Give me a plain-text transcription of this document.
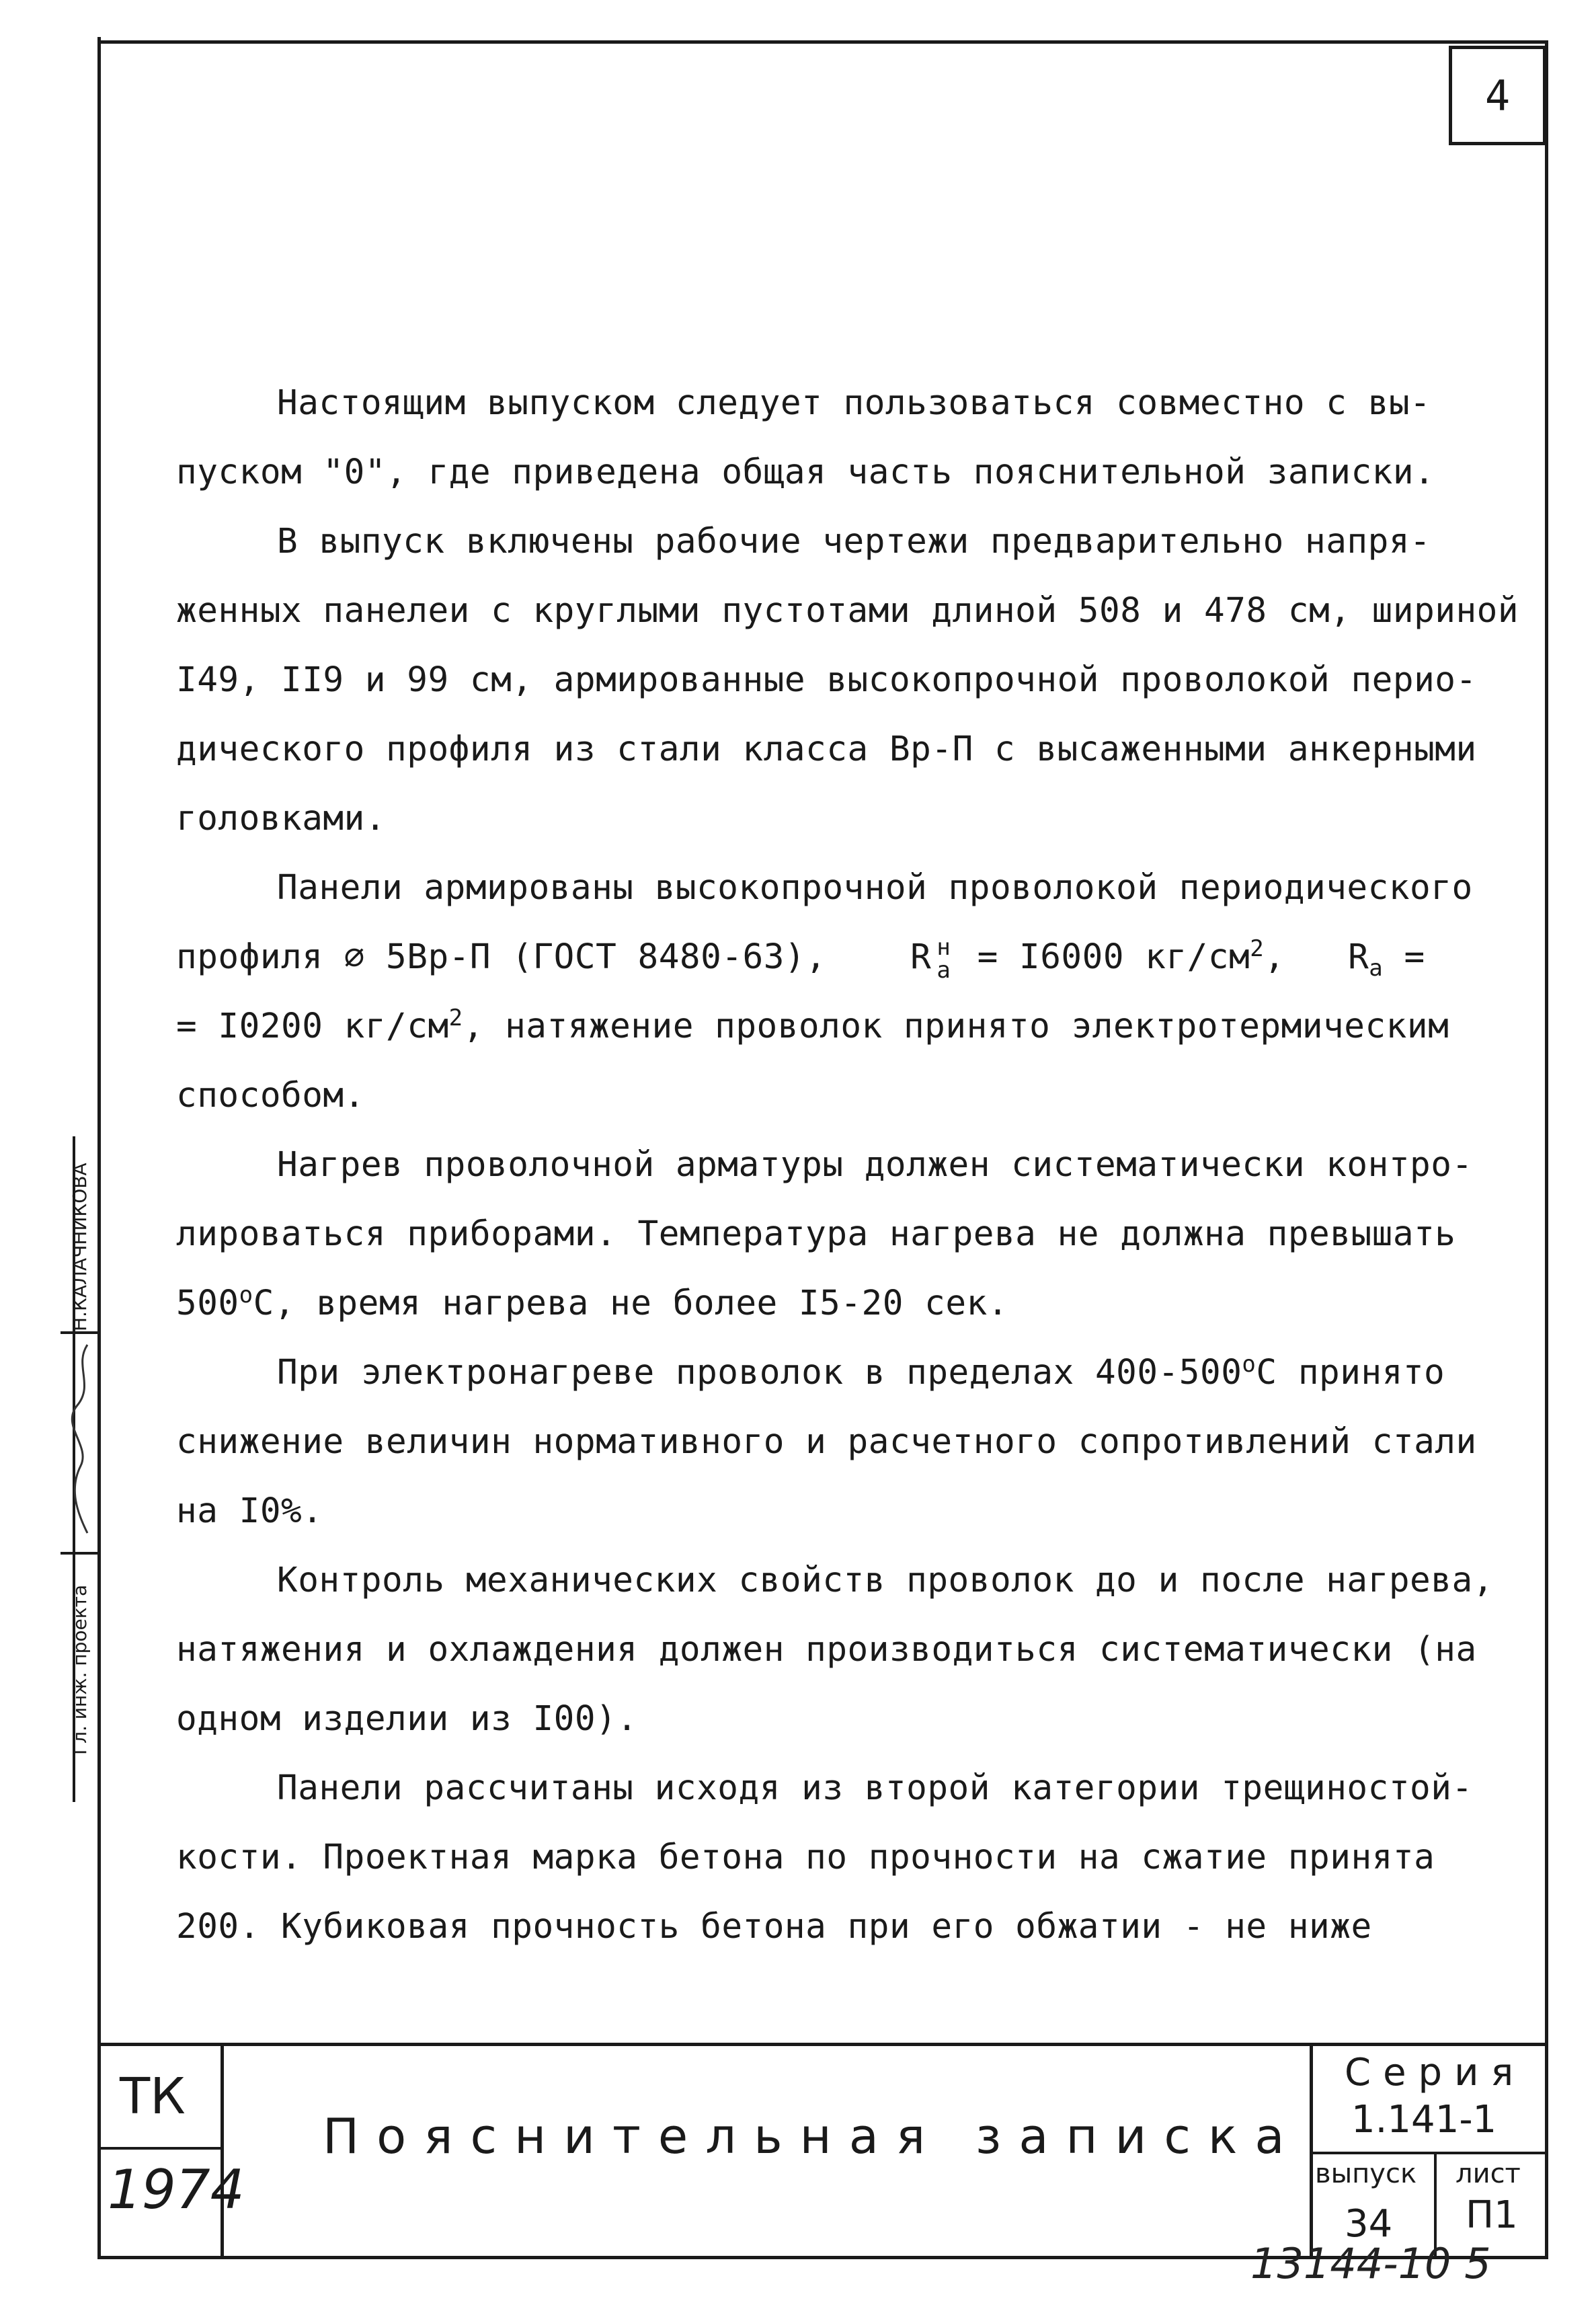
4

Настоящим выпуском следует пользоваться совместно с вы-пуском "0", где приведена общая часть пояснительной записки.

В выпуск включены рабочие чертежи предварительно напря-женных панелеи с круглыми пустотами длиной 508 и 478 см, шириной I49, II9 и 99 см, армированные высокопрочной проволокой перио-дического профиля из стали класса Вр-П с высаженными анкерными головками.

Панели армированы высокопрочной проволокой периодического

профиля ∅ 5Вр-П (ГОСТ 8480-63), R н
а = I6000 $кг/см^2$,   $R_а$ =

= I0200 $кг/см^2$, натяжение проволок принято электротермическим

способом.

Нагрев проволочной арматуры должен систематически контро-лироваться приборами. Температура нагрева не должна превышать $500^оС$, время нагрева не более I5-20 сек.

При электронагреве проволок в пределах $400-500^оС$ принято снижение величин нормативного и расчетного сопротивлений стали на I0%.

Контроль механических свойств проволок до и после нагрева, натяжения и охлаждения должен производиться систематически (на одном изделии из I00).

Панели рассчитаны исходя из второй категории трещиностой-кости. Проектная марка бетона по прочности на сжатие принята 200. Кубиковая прочность бетона при его обжатии - не ниже

Н.КАЛАЧНИКОВА
Гл. инж. проекта
ТК
1974
Пояснительная записка
Серия
1.141-1
выпуск
34
лист
П1
13144-10 5
